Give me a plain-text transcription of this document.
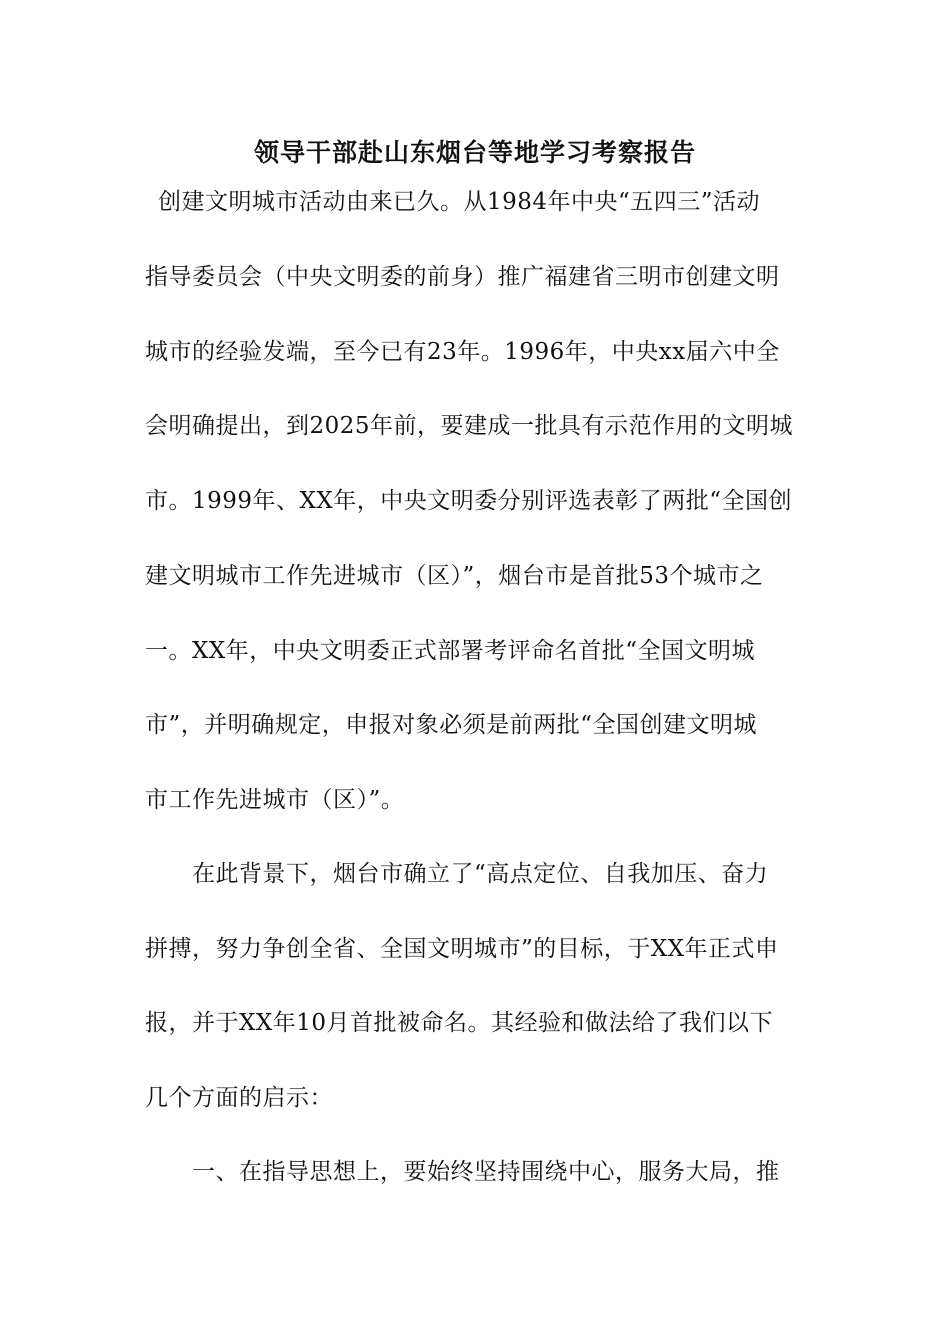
领导干部赴山东烟台等地学习考察报告
创建文明城市活动由来已久。从1984年中央“五四三”活动
指导委员会（中央文明委的前身）推广福建省三明市创建文明
城市的经验发端，至今已有23年。1996年，中央xx届六中全
会明确提出，到2025年前，要建成一批具有示范作用的文明城
市。1999年、XX年，中央文明委分别评选表彰了两批“全国创
建文明城市工作先进城市（区）”，烟台市是首批53个城市之
一。XX年，中央文明委正式部署考评命名首批“全国文明城
市”，并明确规定，申报对象必须是前两批“全国创建文明城
市工作先进城市（区）”。
在此背景下，烟台市确立了“高点定位、自我加压、奋力
拼搏，努力争创全省、全国文明城市”的目标，于XX年正式申
报，并于XX年10月首批被命名。其经验和做法给了我们以下
几个方面的启示：
一、在指导思想上，要始终坚持围绕中心，服务大局，推
